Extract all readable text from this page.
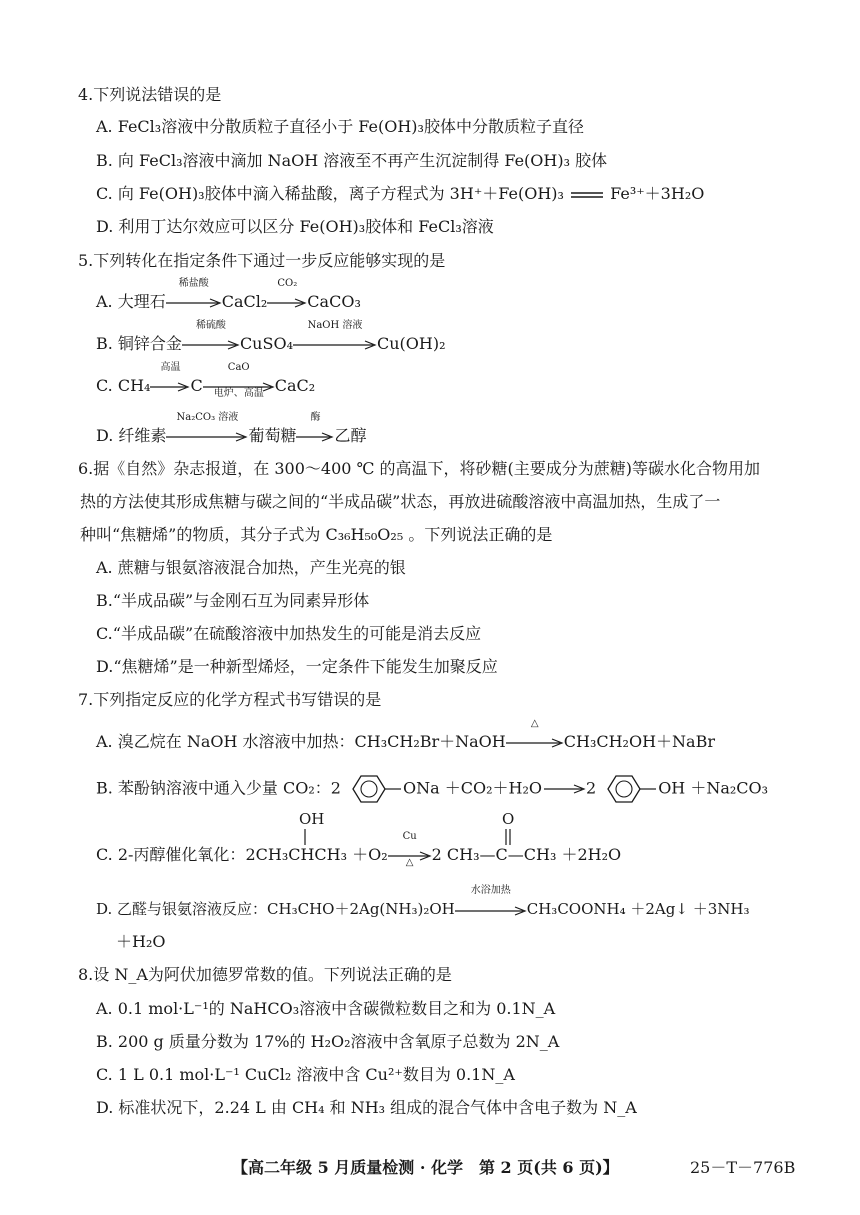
4.下列说法错误的是
A. FeCl₃溶液中分散质粒子直径小于 Fe(OH)₃胶体中分散质粒子直径
B. 向 FeCl₃溶液中滴加 NaOH 溶液至不再产生沉淀制得 Fe(OH)₃ 胶体
C. 向 Fe(OH)₃胶体中滴入稀盐酸，离子方程式为 3H⁺＋Fe(OH)₃	Fe³⁺＋3H₂O
D. 利用丁达尔效应可以区分 Fe(OH)₃胶体和 FeCl₃溶液
5.下列转化在指定条件下通过一步反应能够实现的是
A. 大理石
稀盐酸
CaCl₂
CO₂
CaCO₃
B. 铜锌合金
稀硫酸
CuSO₄
NaOH 溶液
Cu(OH)₂
C. CH₄
高温
C
CaO
电炉、高温 CaC₂
D. 纤维素
Na₂CO₃ 溶液
葡萄糖
酶
乙醇
6.据《自然》杂志报道，在 300～400 ℃ 的高温下，将砂糖(主要成分为蔗糖)等碳水化合物用加
热的方法使其形成焦糖与碳之间的“半成品碳”状态，再放进硫酸溶液中高温加热，生成了一
种叫“焦糖烯”的物质，其分子式为 C₃₆H₅₀O₂₅ 。下列说法正确的是
A. 蔗糖与银氨溶液混合加热，产生光亮的银
B.“半成品碳”与金刚石互为同素异形体
C.“半成品碳”在硫酸溶液中加热发生的可能是消去反应
D.“焦糖烯”是一种新型烯烃，一定条件下能发生加聚反应
7.下列指定反应的化学方程式书写错误的是
A. 溴乙烷在 NaOH 水溶液中加热：CH₃CH₂Br＋NaOH
△
CH₃CH₂OH＋NaBr
B. 苯酚钠溶液中通入少量 CO₂：2	ONa ＋CO₂＋H₂O→2	OH ＋Na₂CO₃
OH	O
C. 2-丙醇催化氧化：2CH₃CHCH₃ ＋O₂
Cu
△	2 CH₃—C—CH₃ ＋2H₂O
D. 乙醛与银氨溶液反应：CH₃CHO＋2Ag(NH₃)₂OH
水浴加热
CH₃COONH₄ ＋2Ag↓ ＋3NH₃
＋H₂O
8.设 N_A为阿伏加德罗常数的值。下列说法正确的是
A. 0.1 mol·L⁻¹的 NaHCO₃溶液中含碳微粒数目之和为 0.1N_A
B. 200 g 质量分数为 17%的 H₂O₂溶液中含氧原子总数为 2N_A
C. 1 L 0.1 mol·L⁻¹ CuCl₂ 溶液中含 Cu²⁺数目为 0.1N_A
D. 标准状况下，2.24 L 由 CH₄ 和 NH₃ 组成的混合气体中含电子数为 N_A
【高二年级 5 月质量检测 · 化学　第 2 页(共 6 页)】	25－T－776B
